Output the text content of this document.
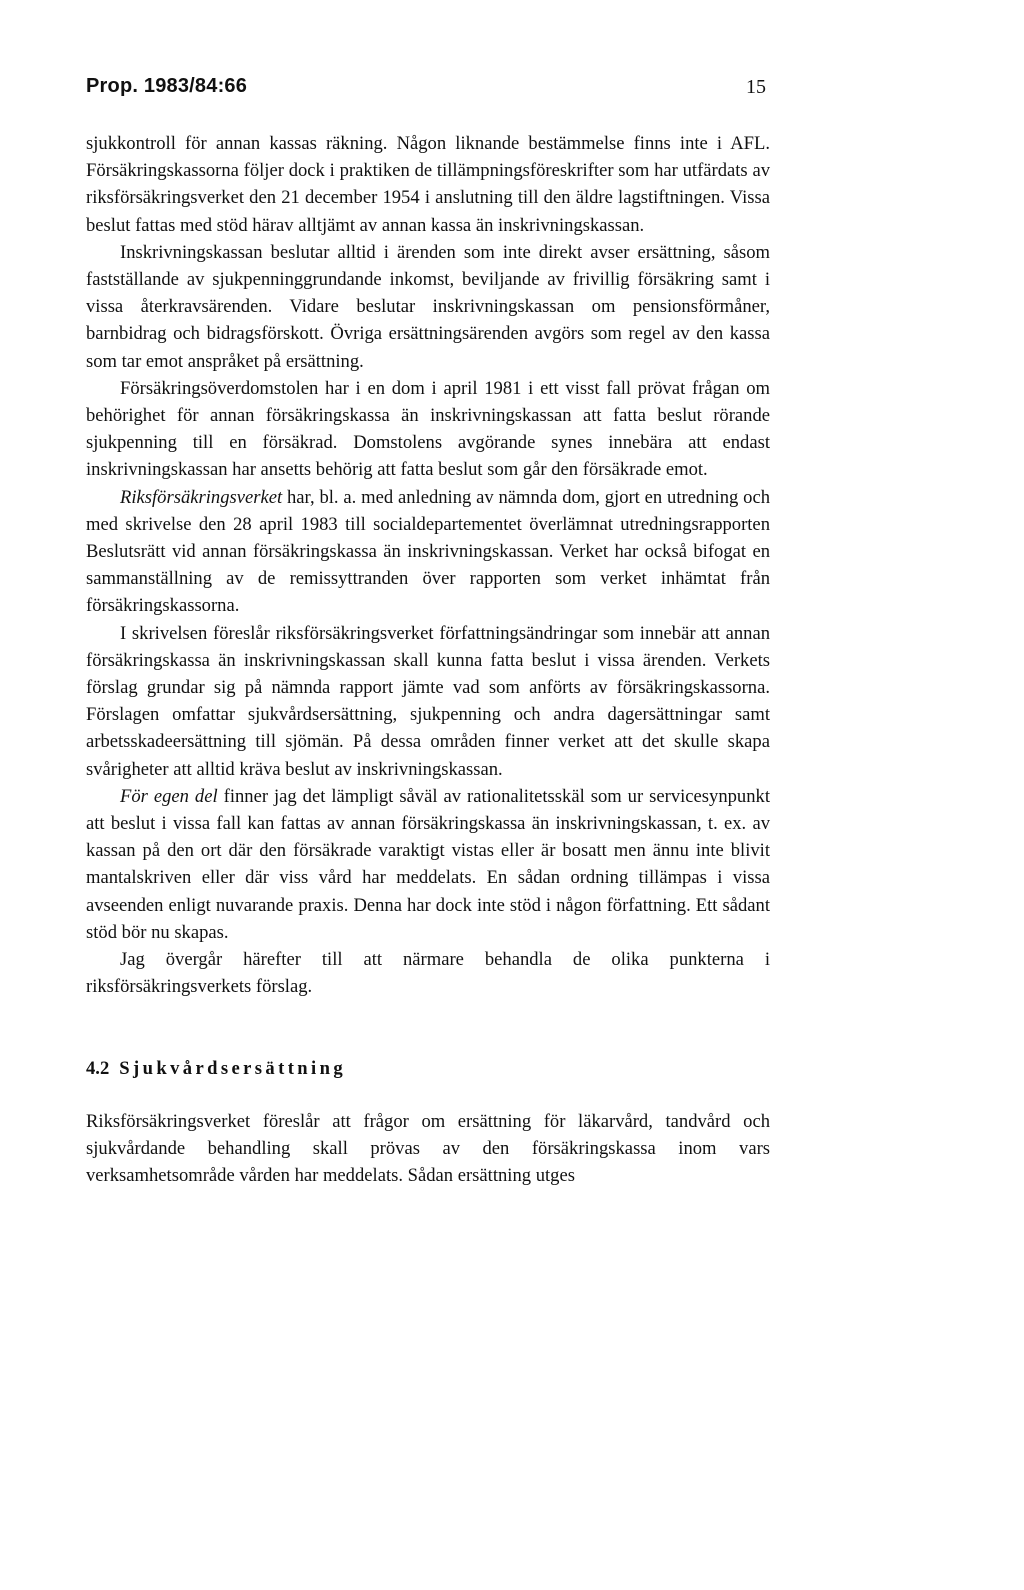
Prop. 1983/84:66	15

sjukkontroll för annan kassas räkning. Någon liknande bestämmelse finns inte i AFL. Försäkringskassorna följer dock i praktiken de tillämpningsföreskrifter som har utfärdats av riksförsäkringsverket den 21 december 1954 i anslutning till den äldre lagstiftningen. Vissa beslut fattas med stöd härav alltjämt av annan kassa än inskrivningskassan.

Inskrivningskassan beslutar alltid i ärenden som inte direkt avser ersättning, såsom fastställande av sjukpenninggrundande inkomst, beviljande av frivillig försäkring samt i vissa återkravsärenden. Vidare beslutar inskrivningskassan om pensionsförmåner, barnbidrag och bidragsförskott. Övriga ersättningsärenden avgörs som regel av den kassa som tar emot anspråket på ersättning.

Försäkringsöverdomstolen har i en dom i april 1981 i ett visst fall prövat frågan om behörighet för annan försäkringskassa än inskrivningskassan att fatta beslut rörande sjukpenning till en försäkrad. Domstolens avgörande synes innebära att endast inskrivningskassan har ansetts behörig att fatta beslut som går den försäkrade emot.

Riksförsäkringsverket har, bl. a. med anledning av nämnda dom, gjort en utredning och med skrivelse den 28 april 1983 till socialdepartementet överlämnat utredningsrapporten Beslutsrätt vid annan försäkringskassa än inskrivningskassan. Verket har också bifogat en sammanställning av de remissyttranden över rapporten som verket inhämtat från försäkringskassorna.

I skrivelsen föreslår riksförsäkringsverket författningsändringar som innebär att annan försäkringskassa än inskrivningskassan skall kunna fatta beslut i vissa ärenden. Verkets förslag grundar sig på nämnda rapport jämte vad som anförts av försäkringskassorna. Förslagen omfattar sjukvårdsersättning, sjukpenning och andra dagersättningar samt arbetsskadeersättning till sjömän. På dessa områden finner verket att det skulle skapa svårigheter att alltid kräva beslut av inskrivningskassan.

För egen del finner jag det lämpligt såväl av rationalitetsskäl som ur servicesynpunkt att beslut i vissa fall kan fattas av annan försäkringskassa än inskrivningskassan, t. ex. av kassan på den ort där den försäkrade varaktigt vistas eller är bosatt men ännu inte blivit mantalskriven eller där viss vård har meddelats. En sådan ordning tillämpas i vissa avseenden enligt nuvarande praxis. Denna har dock inte stöd i någon författning. Ett sådant stöd bör nu skapas.

Jag övergår härefter till att närmare behandla de olika punkterna i riksförsäkringsverkets förslag.

4.2 Sjukvårdsersättning

Riksförsäkringsverket föreslår att frågor om ersättning för läkarvård, tandvård och sjukvårdande behandling skall prövas av den försäkringskassa inom vars verksamhetsområde vården har meddelats. Sådan ersättning utges
